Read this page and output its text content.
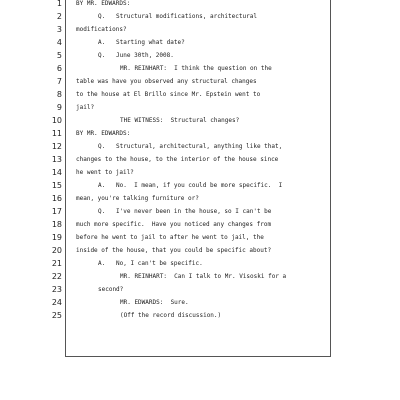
1 BY MR. EDWARDS:
2	Q.   Structural modifications, architectural
3 modifications?
4	A.   Starting what date?
5	Q.   June 30th, 2008.
6	MR. REINHART:  I think the question on the
7 table was have you observed any structural changes
8 to the house at El Brillo since Mr. Epstein went to
9 jail?
10	THE WITNESS:  Structural changes?
11 BY MR. EDWARDS:
12	Q.   Structural, architectural, anything like that,
13 changes to the house, to the interior of the house since
14 he went to jail?
15	A.   No.  I mean, if you could be more specific.  I
16 mean, you're talking furniture or?
17	Q.   I've never been in the house, so I can't be
18 much more specific.  Have you noticed any changes from
19 before he went to jail to after he went to jail, the
20 inside of the house, that you could be specific about?
21	A.   No, I can't be specific.
22	MR. REINHART:  Can I talk to Mr. Visoski for a
23	second?
24	MR. EDWARDS:  Sure.
25	(Off the record discussion.)
